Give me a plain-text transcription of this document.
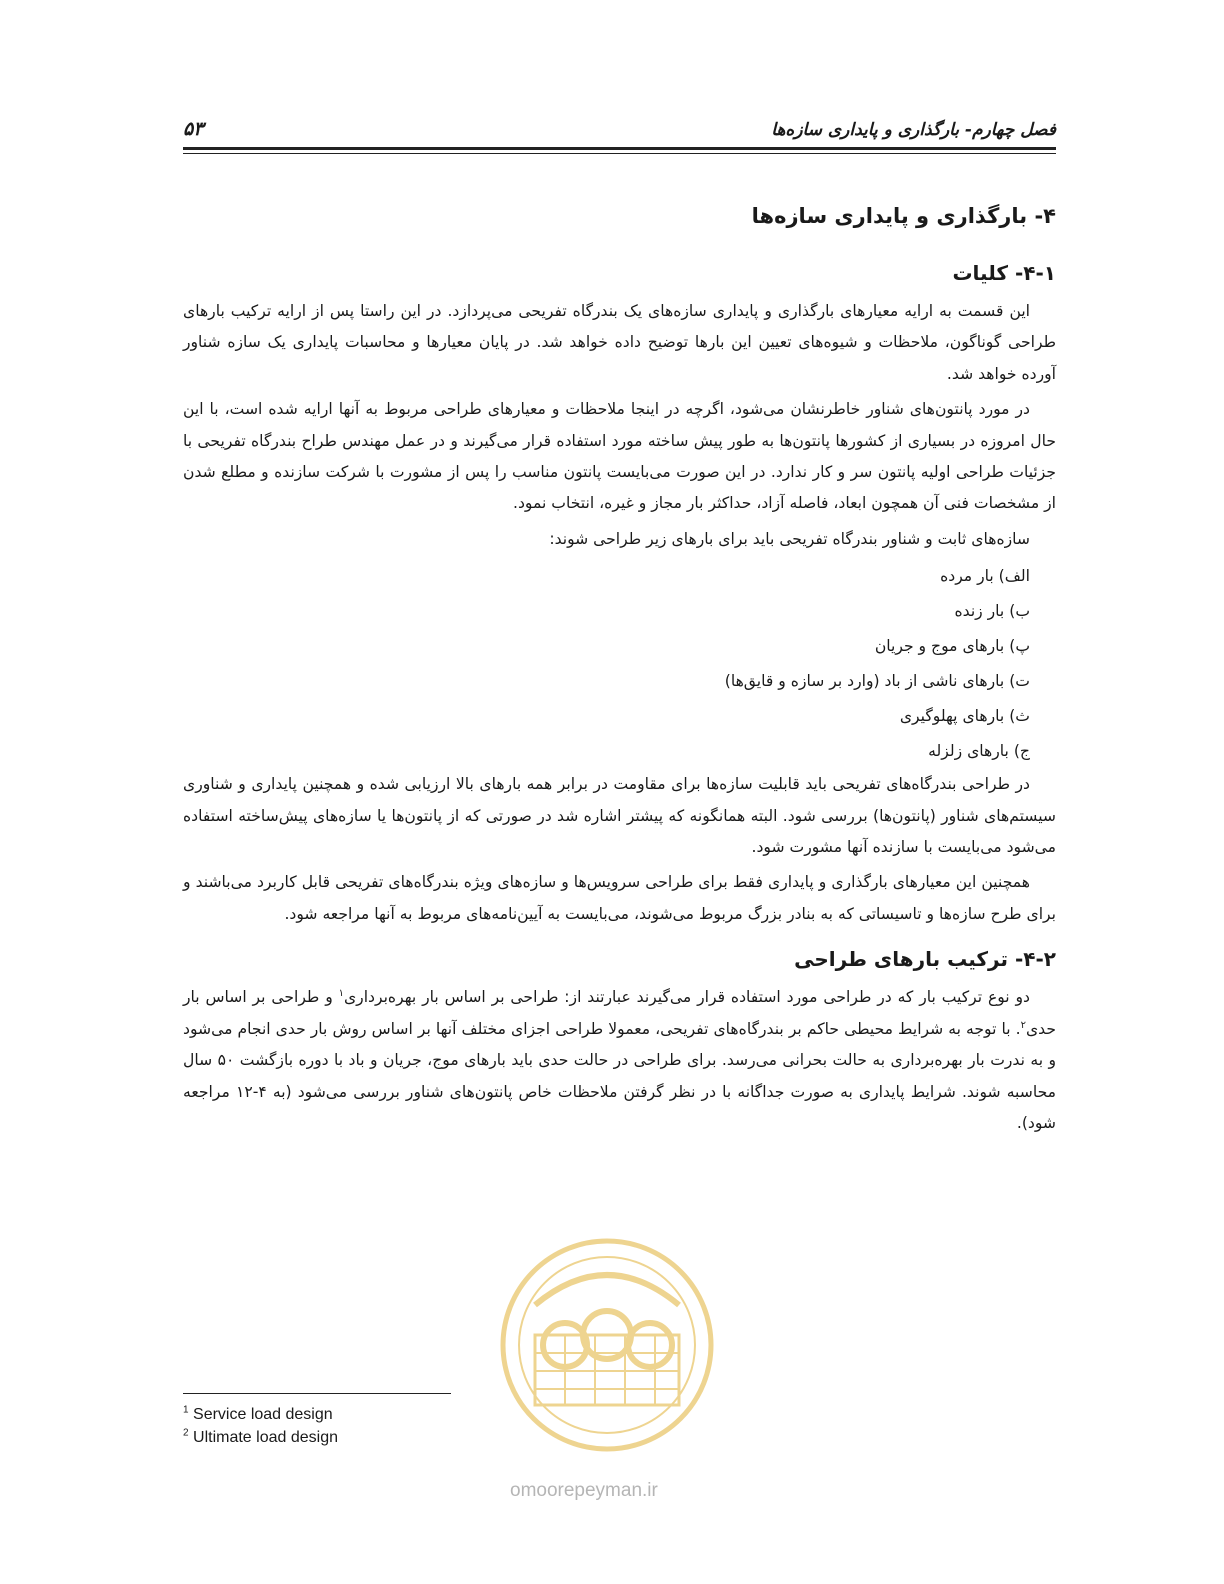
فصل چهارم- بارگذاری و پایداری سازه‌ها
۵۳
۴- بارگذاری و پایداری سازه‌ها
۴-۱- کلیات

این قسمت به ارایه معیارهای بارگذاری و پایداری سازه‌های یک بندرگاه تفریحی می‌پردازد. در این راستا پس از ارایه ترکیب بارهای طراحی گوناگون، ملاحظات و شیوه‌های تعیین این بارها توضیح داده خواهد شد. در پایان معیارها و محاسبات پایداری یک سازه شناور آورده خواهد شد.

در مورد پانتون‌های شناور خاطرنشان می‌شود، اگرچه در اینجا ملاحظات و معیارهای طراحی مربوط به آنها ارایه شده است، با این حال امروزه در بسیاری از کشورها پانتون‌ها به طور پیش ساخته مورد استفاده قرار می‌گیرند و در عمل مهندس طراح بندرگاه تفریحی با جزئیات طراحی اولیه پانتون سر و کار ندارد. در این صورت می‌بایست پانتون مناسب را پس از مشورت با شرکت سازنده و مطلع شدن از مشخصات فنی آن همچون ابعاد، فاصله آزاد، حداکثر بار مجاز و غیره، انتخاب نمود.

سازه‌های ثابت و شناور بندرگاه تفریحی باید برای بارهای زیر طراحی شوند:

الف) بار مرده
ب) بار زنده
پ) بارهای موج و جریان
ت) بارهای ناشی از باد (وارد بر سازه و قایق‌ها)
ث) بارهای پهلوگیری
ج) بارهای زلزله

در طراحی بندرگاه‌های تفریحی باید قابلیت سازه‌ها برای مقاومت در برابر همه بارهای بالا ارزیابی شده و همچنین پایداری و شناوری سیستم‌های شناور (پانتون‌ها) بررسی شود. البته همانگونه که پیشتر اشاره شد در صورتی که از پانتون‌ها یا سازه‌های پیش‌ساخته استفاده می‌شود می‌بایست با سازنده آنها مشورت شود.

همچنین این معیارهای بارگذاری و پایداری فقط برای طراحی سرویس‌ها و سازه‌های ویژه بندرگاه‌های تفریحی قابل کاربرد می‌باشند و برای طرح سازه‌ها و تاسیساتی که به بنادر بزرگ مربوط می‌شوند، می‌بایست به آیین‌نامه‌های مربوط به آنها مراجعه شود.

۴-۲- ترکیب بارهای طراحی

دو نوع ترکیب بار که در طراحی مورد استفاده قرار می‌گیرند عبارتند از: طراحی بر اساس بار بهره‌برداری$^۱$ و طراحی بر اساس بار حدی$^۲$. با توجه به شرایط محیطی حاکم بر بندرگاه‌های تفریحی، معمولا طراحی اجزای مختلف آنها بر اساس روش بار حدی انجام می‌شود و به ندرت بار بهره‌برداری به حالت بحرانی می‌رسد. برای طراحی در حالت حدی باید بارهای موج، جریان و باد با دوره بازگشت ۵۰ سال محاسبه شوند. شرایط پایداری به صورت جداگانه با در نظر گرفتن ملاحظات خاص پانتون‌های شناور بررسی می‌شود (به ۴-۱۲ مراجعه شود).

omoorepeyman.ir
$^1$ Service load design
$^2$ Ultimate load design
